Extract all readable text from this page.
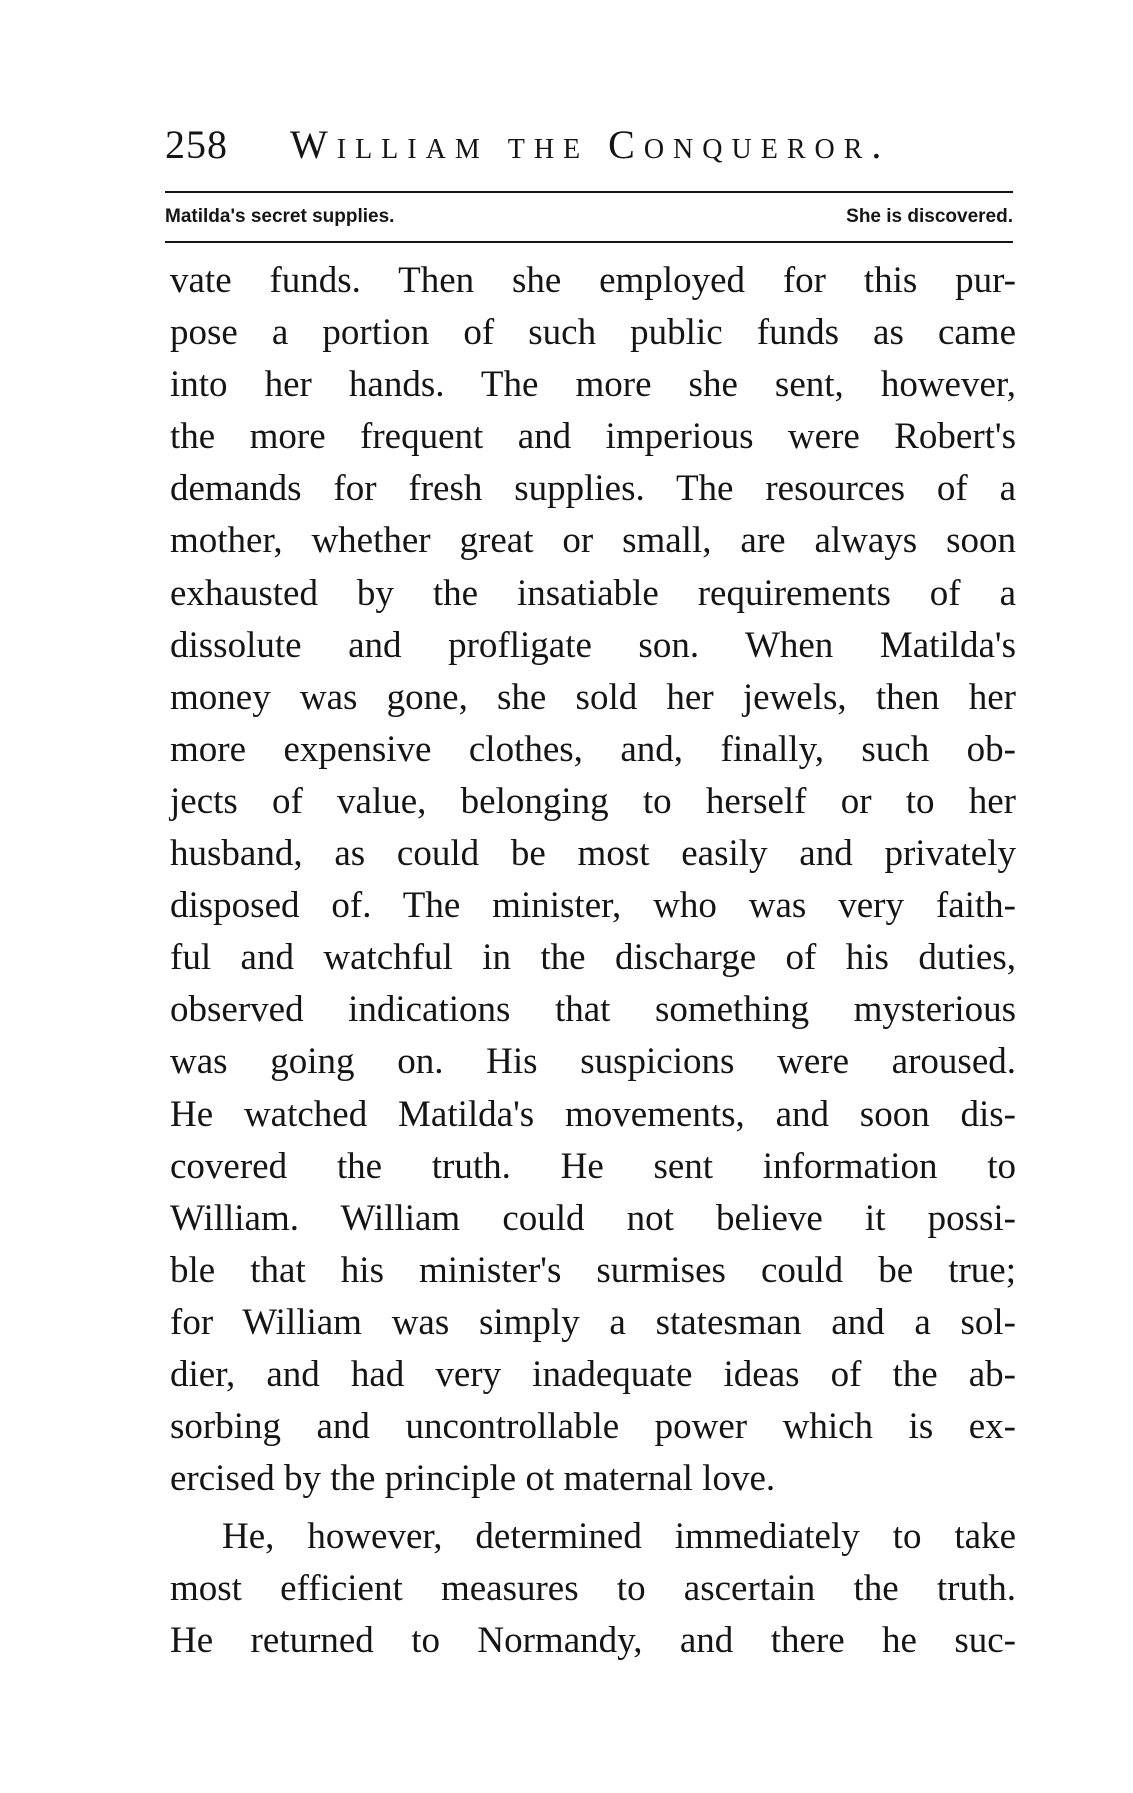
258 William the Conqueror.
Matilda's secret supplies.	She is discovered.
vate funds. Then she employed for this pur-
pose a portion of such public funds as came
into her hands. The more she sent, however,
the more frequent and imperious were Robert's
demands for fresh supplies. The resources of a
mother, whether great or small, are always soon
exhausted by the insatiable requirements of a
dissolute and profligate son. When Matilda's
money was gone, she sold her jewels, then her
more expensive clothes, and, finally, such ob-
jects of value, belonging to herself or to her
husband, as could be most easily and privately
disposed of. The minister, who was very faith-
ful and watchful in the discharge of his duties,
observed indications that something mysterious
was going on. His suspicions were aroused.
He watched Matilda's movements, and soon dis-
covered the truth. He sent information to
William. William could not believe it possi-
ble that his minister's surmises could be true;
for William was simply a statesman and a sol-
dier, and had very inadequate ideas of the ab-
sorbing and uncontrollable power which is ex-
ercised by the principle ot maternal love.
He, however, determined immediately to take
most efficient measures to ascertain the truth.
He returned to Normandy, and there he suc-
